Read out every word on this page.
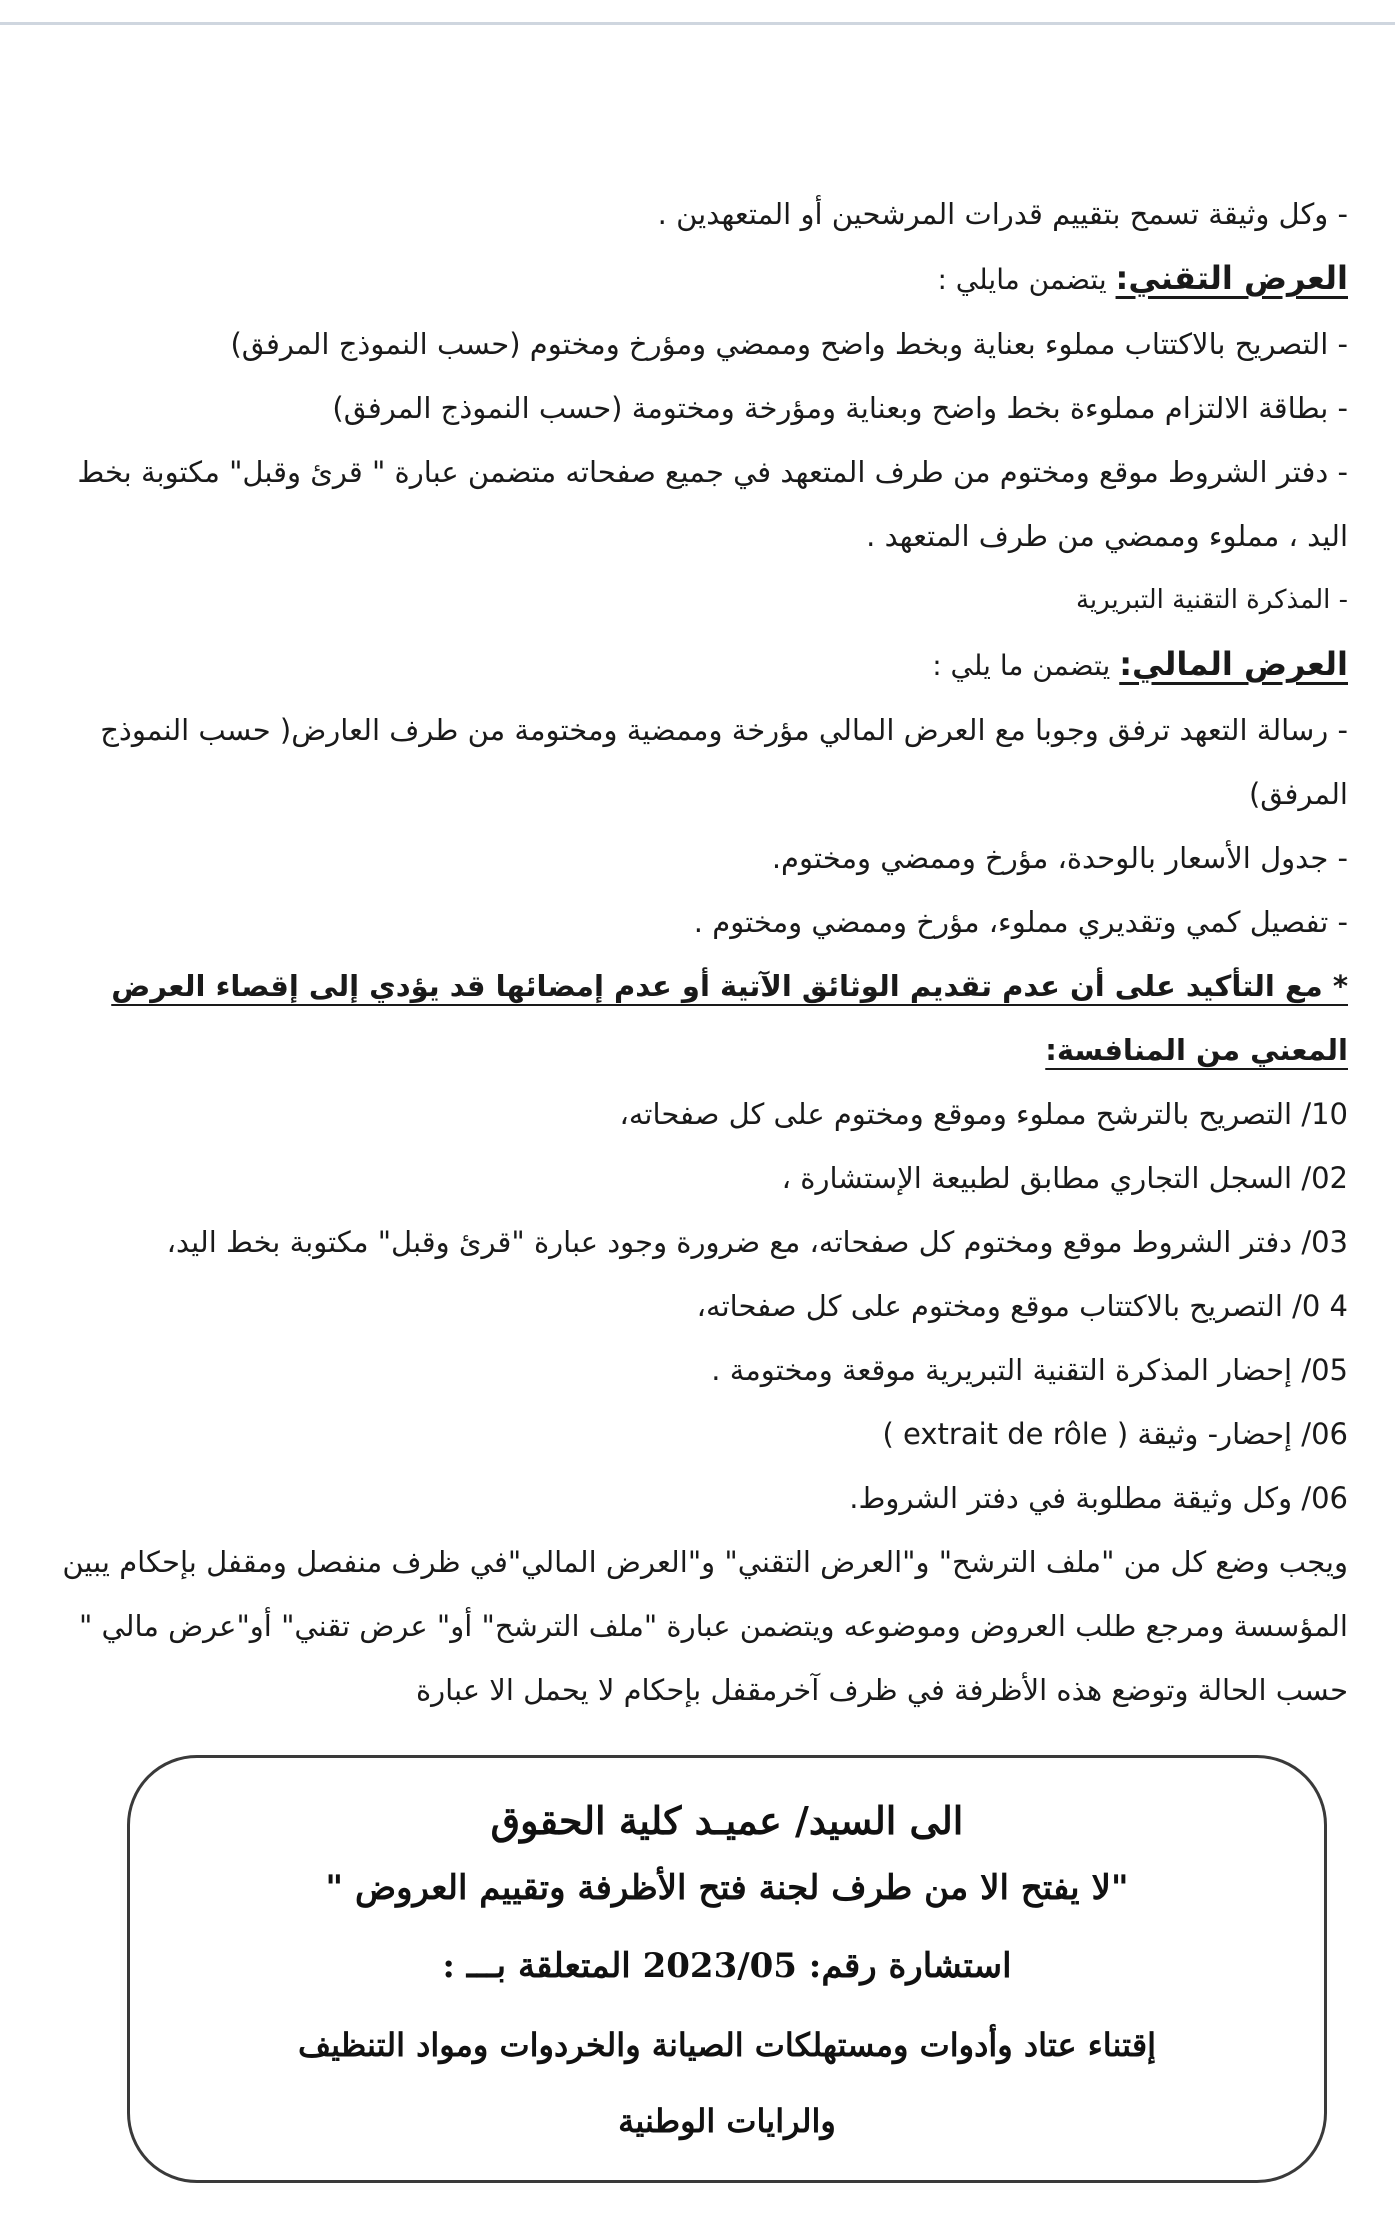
- وكل وثيقة تسمح بتقييم قدرات المرشحين أو المتعهدين .

العرض التقني: يتضمن مايلي :

- التصريح بالاكتتاب مملوء بعناية وبخط واضح وممضي ومؤرخ ومختوم (حسب النموذج المرفق)

- بطاقة الالتزام مملوءة بخط واضح وبعناية ومؤرخة ومختومة (حسب النموذج المرفق)

- دفتر الشروط موقع ومختوم من طرف المتعهد في جميع صفحاته متضمن عبارة " قرئ وقبل" مكتوبة بخط اليد ، مملوء وممضي من طرف المتعهد .

- المذكرة التقنية التبريرية

العرض المالي: يتضمن ما يلي :

- رسالة التعهد ترفق وجوبا مع العرض المالي مؤرخة وممضية ومختومة من طرف العارض( حسب النموذج المرفق)

- جدول الأسعار بالوحدة، مؤرخ وممضي ومختوم.

- تفصيل كمي وتقديري مملوء، مؤرخ وممضي ومختوم .

* مع التأكيد على أن عدم تقديم الوثائق الآتية أو عدم إمضائها قد يؤدي إلى إقصاء العرض المعني من المنافسة:

10/ التصريح بالترشح مملوء وموقع ومختوم على كل صفحاته،

02/ السجل التجاري مطابق لطبيعة الإستشارة ،

03/ دفتر الشروط موقع ومختوم كل صفحاته، مع ضرورة وجود عبارة "قرئ وقبل" مكتوبة بخط اليد،

4 0/ التصريح بالاكتتاب موقع ومختوم على كل صفحاته،

05/ إحضار المذكرة التقنية التبريرية موقعة ومختومة .

06/ إحضار- وثيقة ( extrait de rôle )

06/ وكل وثيقة مطلوبة في دفتر الشروط.

ويجب وضع كل من "ملف الترشح" و"العرض التقني" و"العرض المالي"في ظرف منفصل ومقفل بإحكام يبين المؤسسة ومرجع طلب العروض وموضوعه ويتضمن عبارة "ملف الترشح" أو" عرض تقني" أو"عرض مالي " حسب الحالة وتوضع هذه الأظرفة في ظرف آخرمقفل بإحكام لا يحمل الا عبارة

الى السيد/ عميـد كلية الحقوق
"لا يفتح الا من طرف لجنة فتح الأظرفة وتقييم العروض "
استشارة رقم: 2023/05 المتعلقة بـــ :
إقتناء عتاد وأدوات ومستهلكات الصيانة والخردوات ومواد التنظيف
والرايات الوطنية
